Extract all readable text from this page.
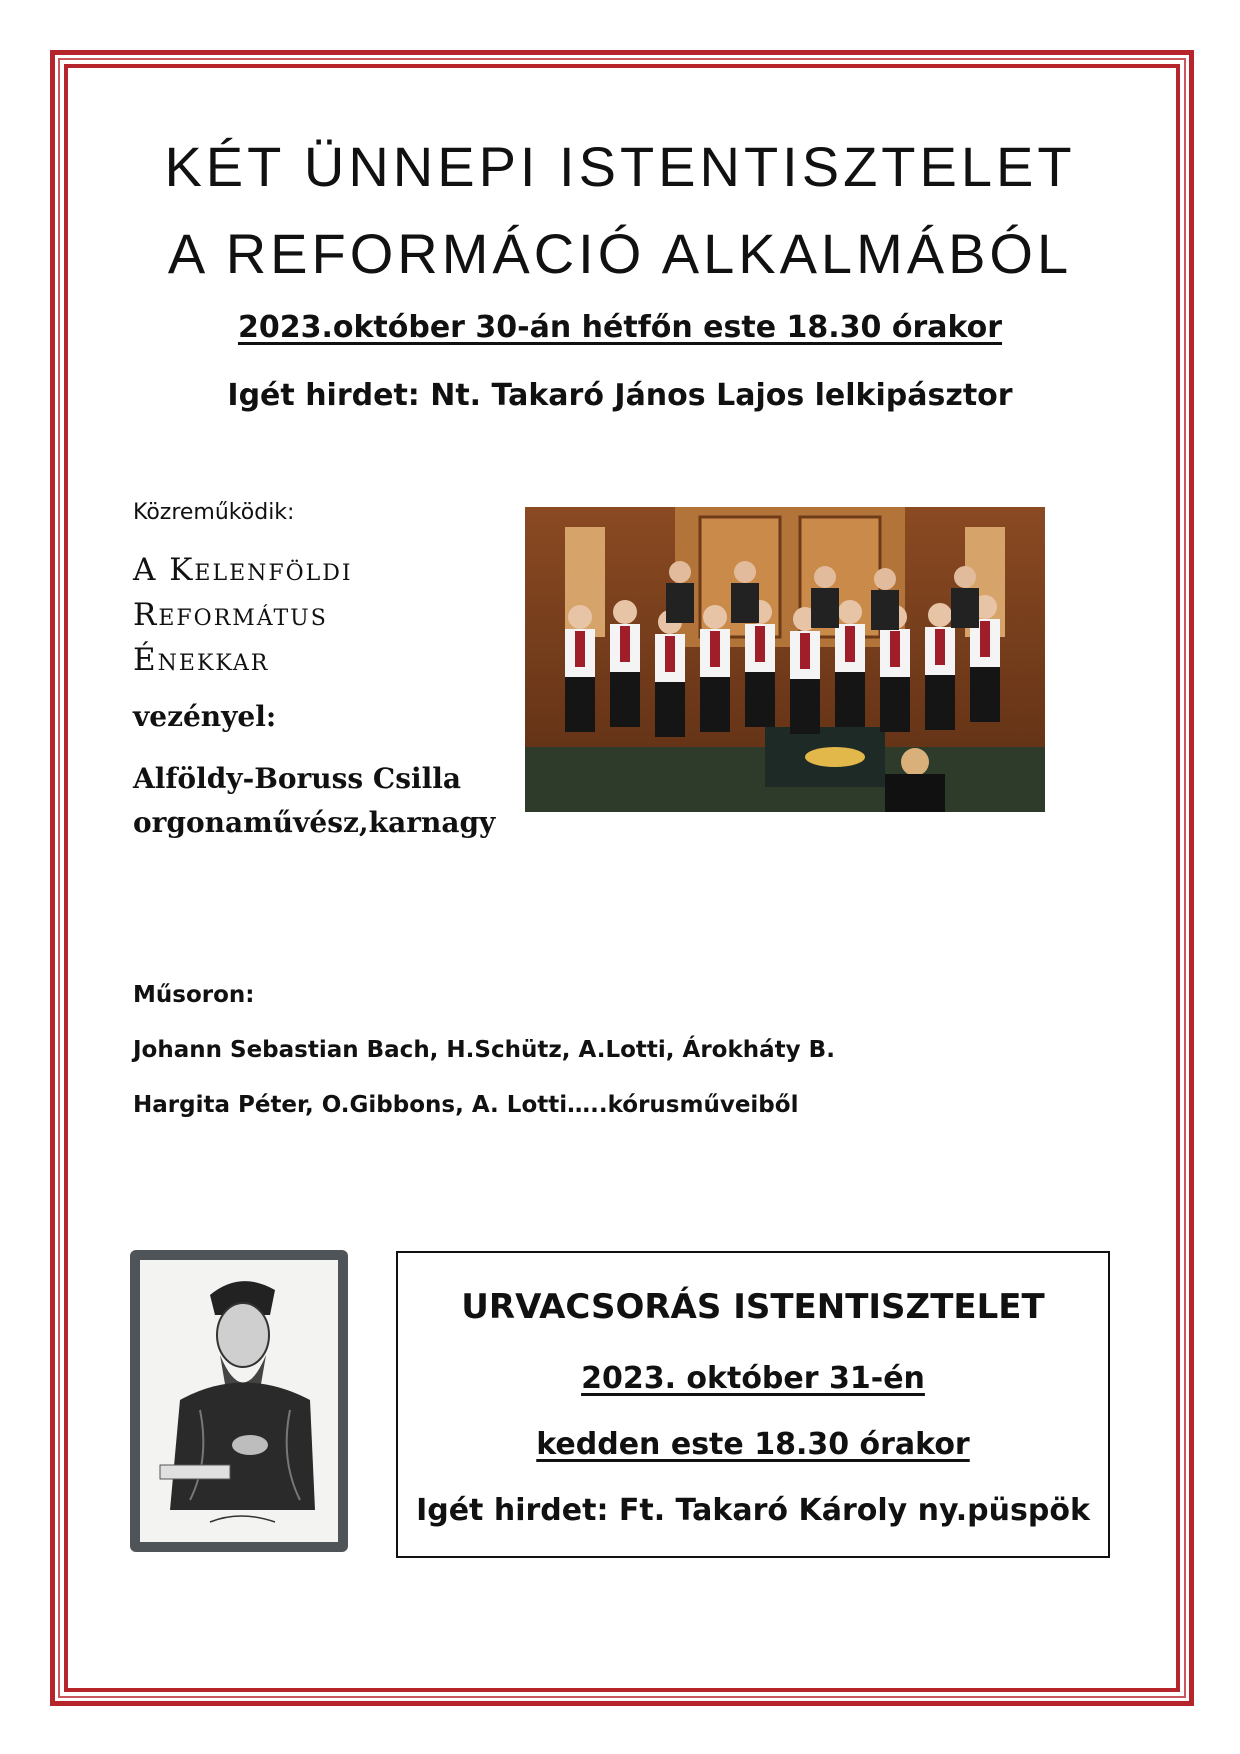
KÉT ÜNNEPI ISTENTISZTELET
A REFORMÁCIÓ ALKALMÁBÓL
2023.október 30-án hétfőn este 18.30 órakor
Igét hirdet: Nt. Takaró János Lajos lelkipásztor
Közreműködik:
A Kelenföldi
Református
Énekkar
vezényel:
Alföldy-Boruss Csilla
orgonaművész,karnagy
Műsoron:
Johann Sebastian Bach, H.Schütz, A.Lotti, Árokháty B.
Hargita Péter, O.Gibbons, A. Lotti…..kórusműveiből
URVACSORÁS ISTENTISZTELET
2023. október 31-én
kedden este 18.30 órakor
Igét hirdet: Ft. Takaró Károly ny.püspök
